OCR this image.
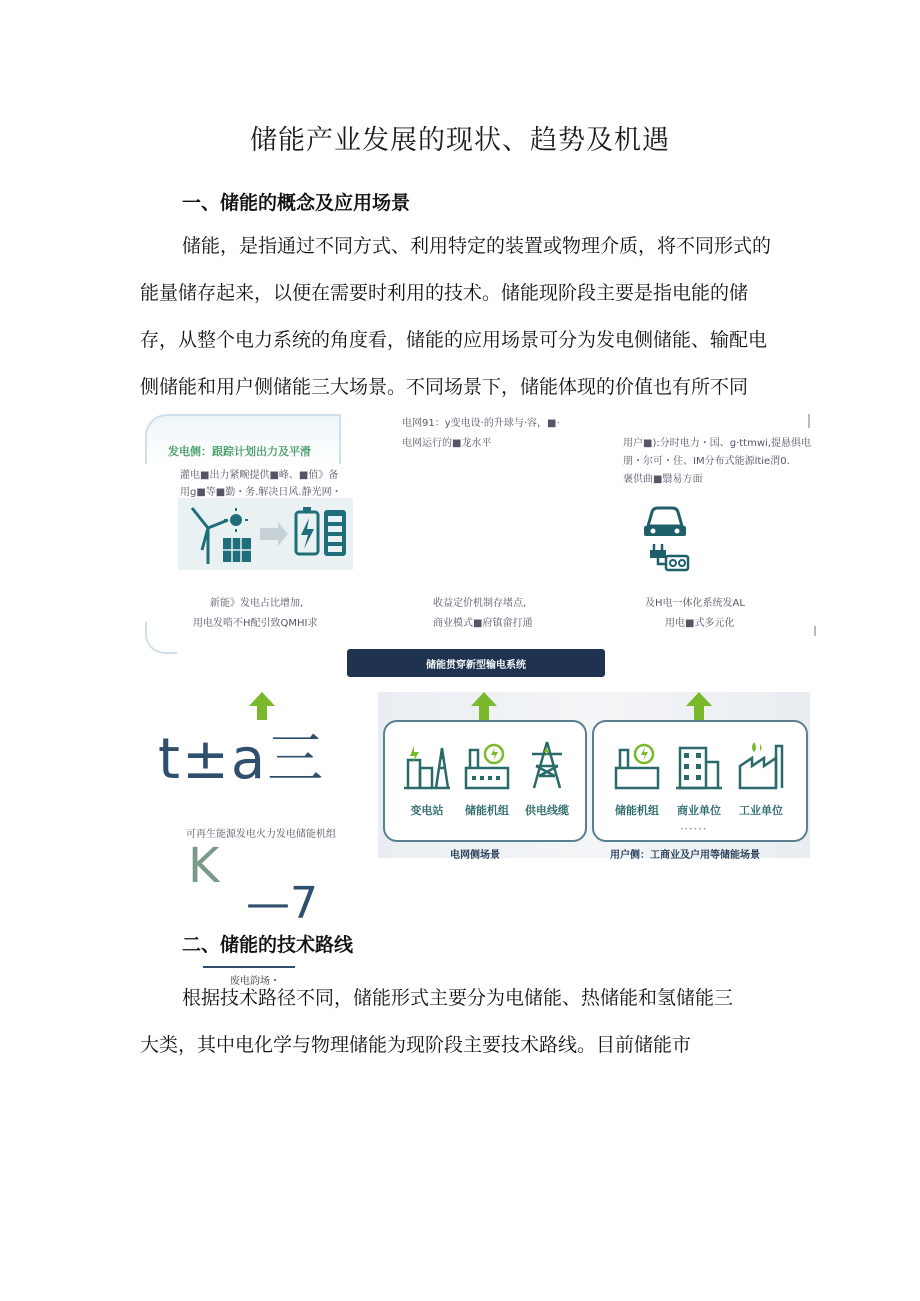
储能产业发展的现状、趋势及机遇
一、储能的概念及应用场景
储能，是指通过不同方式、利用特定的装置或物理介质，将不同形式的
能量储存起来，以便在需要时利用的技术。储能现阶段主要是指电能的储
存，从整个电力系统的角度看，储能的应用场景可分为发电侧储能、输配电
侧储能和用户侧储能三大场景。不同场景下，储能体现的价值也有所不同
发电侧：跟踪计划出力及平滑
灌电■出力紧畹提供■峰、■值》备
用g■等■勤・务.解决日风.静光网・
电网91：y变电设·的升球与·容，■·
电网运行的■龙水平	用户■):分时电力・国、g·ttmwi,提悬俱电
朋・尔可・住、IM分布式能源ltie渭0.
褒供曲■翳易方面
新能》发电占比增加,
用电发啃不H配引致QMHI求
收益定价机制存堵点,
商业模式■府镇畲打通
及H电一体化系统发AL
用电■式多元化
储能贯穿新型输电系统
变电站	储能机组	供电线缆	储能机组	商业单位	工业单位
••••••
电网侧场景	用户侧：工商业及户用等储能场景
t±a三
可再生能源发电火力发电储能机组
K
—7
二、储能的技术路线
废电韵场・
根据技术路径不同，储能形式主要分为电储能、热储能和氢储能三
大类，其中电化学与物理储能为现阶段主要技术路线。目前储能市
